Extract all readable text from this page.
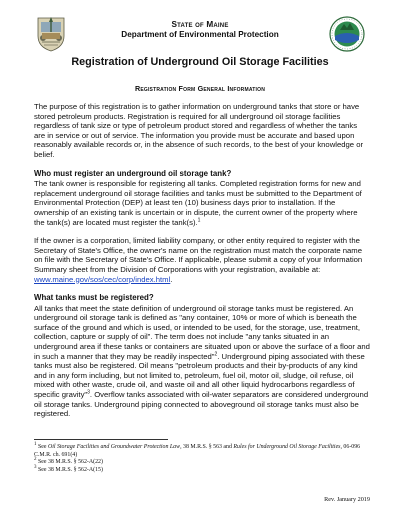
State of Maine
Department of Environmental Protection
Registration of Underground Oil Storage Facilities
Registration Form General Information

The purpose of this registration is to gather information on underground tanks that store or have stored petroleum products. Registration is required for all underground oil storage facilities regardless of tank size or type of petroleum product stored and regardless of whether the tanks are in service or out of service. The information you provide must be accurate and based upon reasonably available records or, in the absence of such records, to the best of your knowledge or belief.

Who must register an underground oil storage tank?

The tank owner is responsible for registering all tanks. Completed registration forms for new and replacement underground oil storage facilities and tanks must be submitted to the Department of Environmental Protection (DEP) at least ten (10) business days prior to installation. If the ownership of an existing tank is uncertain or in dispute, the current owner of the property where the tank(s) are located must register the tank(s).$^1$

If the owner is a corporation, limited liability company, or other entity required to register with the Secretary of State's Office, the owner's name on the registration must match the corporate name on file with the Secretary of State's Office. If applicable, please submit a copy of your Information Summary sheet from the Division of Corporations with your registration, available at: www.maine.gov/sos/cec/corp/index.html.

What tanks must be registered?

All tanks that meet the state definition of underground oil storage tanks must be registered. An underground oil storage tank is defined as "any container, 10% or more of which is beneath the surface of the ground and which is used, or intended to be used, for the storage, use, treatment, collection, capture or supply of oil". The term does not include "any tanks situated in an underground area if these tanks or containers are situated upon or above the surface of a floor and in such a manner that they may be readily inspected"$^2$. Underground piping associated with these tanks must also be registered. Oil means "petroleum products and their by-products of any kind and in any form including, but not limited to, petroleum, fuel oil, motor oil, sludge, oil refuse, oil mixed with other waste, crude oil, and waste oil and all other liquid hydrocarbons regardless of specific gravity"$^3$. Overflow tanks associated with oil-water separators are considered underground oil storage tanks. Underground piping connected to aboveground oil storage tanks must also be registered.

$^1$ See Oil Storage Facilities and Groundwater Protection Law, 38 M.R.S. § 563 and Rules for Underground Oil Storage Facilities, 06-096 C.M.R. ch. 691(4)

$^2$ See 38 M.R.S. § 562-A(22)

$^3$ See 38 M.R.S. § 562-A(15)

Rev. January 2019
